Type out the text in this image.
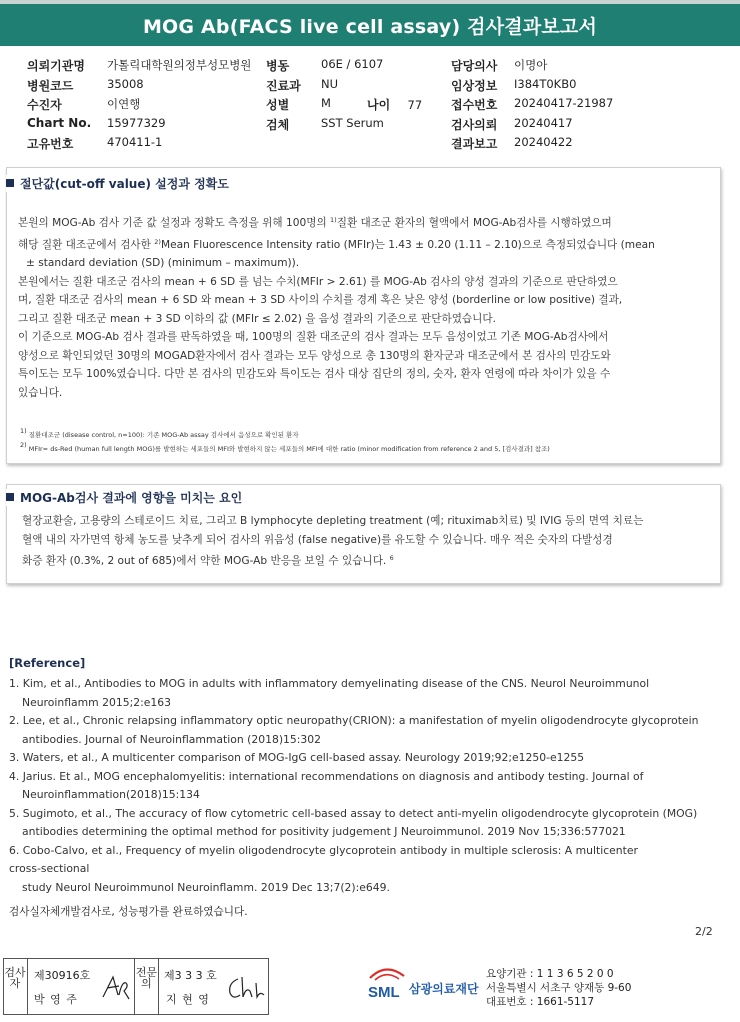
MOG Ab(FACS live cell assay) 검사결과보고서
의뢰기관명
병원코드
수진자
Chart No.
고유번호
가톨릭대학원의정부성모병원
35008
이연행
15977329
470411-1
병동
진료과
성별
검체
06E / 6107
NU
M
SST Serum
나이 77
담당의사
임상정보
접수번호
검사의뢰
결과보고
이명아
I384T0KB0
20240417-21987
20240417
20240422
절단값(cut-off value) 설정과 정확도

본원의 MOG-Ab 검사 기준 값 설정과 정확도 측정을 위해 100명의 $^{1)}$질환 대조군 환자의 혈액에서 MOG-Ab검사를 시행하였으며
해당 질환 대조군에서 검사한 $^{2)}$Mean Fluorescence Intensity ratio (MFIr)는 1.43 ± 0.20 (1.11 – 2.10)으로 측정되었습니다 (mean
± standard deviation (SD) (minimum – maximum)).

본원에서는 질환 대조군 검사의 mean + 6 SD 를 넘는 수치(MFIr > 2.61) 를 MOG-Ab 검사의 양성 결과의 기준으로 판단하였으
며, 질환 대조군 검사의 mean + 6 SD 와 mean + 3 SD 사이의 수치를 경계 혹은 낮은 양성 (borderline or low positive) 결과,
그리고 질환 대조군 mean + 3 SD 이하의 값 (MFIr ≤ 2.02) 을 음성 결과의 기준으로 판단하였습니다.

이 기준으로 MOG-Ab 검사 결과를 판독하였을 때, 100명의 질환 대조군의 검사 결과는 모두 음성이었고 기존 MOG-Ab검사에서
양성으로 확인되었던 30명의 MOGAD환자에서 검사 결과는 모두 양성으로 총 130명의 환자군과 대조군에서 본 검사의 민감도와
특이도는 모두 100%였습니다. 다만 본 검사의 민감도와 특이도는 검사 대상 집단의 정의, 숫자, 환자 연령에 따라 차이가 있을 수
있습니다.

1) 질환대조군 (disease control, n=100): 기존 MOG-Ab assay 검사에서 음성으로 확인된 환자
2) MFIr= ds-Red (human full length MOG)를 발현하는 세포들의 MFI와 발현하지 않는 세포들의 MFI에 대한 ratio (minor modification from reference 2 and 5, [검사결과] 참조)
MOG-Ab검사 결과에 영향을 미치는 요인
혈장교환술, 고용량의 스테로이드 치료, 그리고 B lymphocyte depleting treatment (예; rituximab치료) 및 IVIG 등의 면역 치료는
혈액 내의 자가면역 항체 농도를 낮추게 되어 검사의 위음성 (false negative)를 유도할 수 있습니다. 매우 적은 숫자의 다발성경
화증 환자 (0.3%, 2 out of 685)에서 약한 MOG-Ab 반응을 보일 수 있습니다. $^6$
[Reference]

1. Kim, et al., Antibodies to MOG in adults with inflammatory demyelinating disease of the CNS. Neurol Neuroimmunol
Neuroinflamm 2015;2:e163

2. Lee, et al., Chronic relapsing inflammatory optic neuropathy(CRION): a manifestation of myelin oligodendrocyte glycoprotein
antibodies. Journal of Neuroinflammation (2018)15:302

3. Waters, et al., A multicenter comparison of MOG-IgG cell-based assay. Neurology 2019;92;e1250-e1255

4. Jarius. Et al., MOG encephalomyelitis: international recommendations on diagnosis and antibody testing. Journal of
Neuroinflammation(2018)15:134

5. Sugimoto, et al., The accuracy of flow cytometric cell-based assay to detect anti-myelin oligodendrocyte glycoprotein (MOG)
antibodies determining the optimal method for positivity judgement J Neuroimmunol. 2019 Nov 15;336:577021

6. Cobo-Calvo, et al., Frequency of myelin oligodendrocyte glycoprotein antibody in multiple sclerosis: A multicenter
cross-sectional
study Neurol Neuroimmunol Neuroinflamm. 2019 Dec 13;7(2):e649.

검사실자체개발검사로, 성능평가를 완료하였습니다.
2/2
검사자
제30916호
박 영 주
전문의
제3 3 3 호
지 현 영	SML 삼광의료재단
요양기관 : 1 1 3 6 5 2 0 0
서울특별시 서초구 양재동 9-60
대표번호 : 1661-5117
